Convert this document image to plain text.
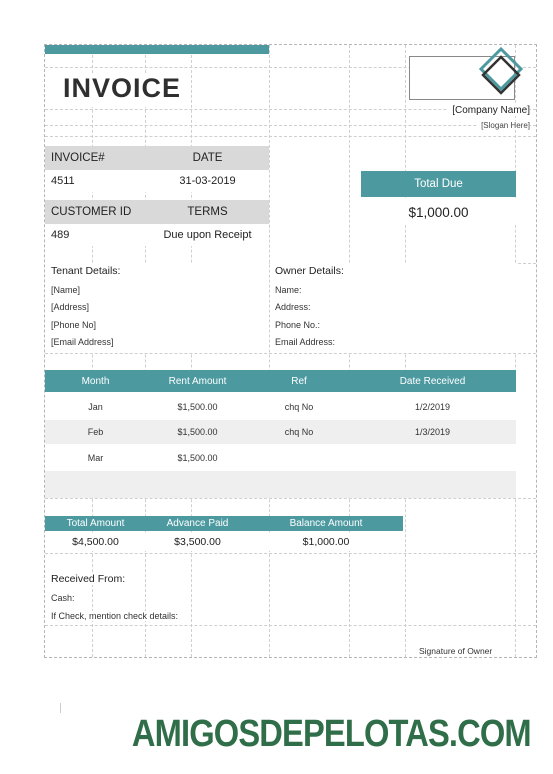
INVOICE
[Company Name]
[Slogan Here]
INVOICE#	DATE
4511	31-03-2019
CUSTOMER ID	TERMS
489	Due upon Receipt
Total Due
$1,000.00
Tenant Details:
[Name]
[Address]
[Phone No]
[Email Address]
Owner Details:
Name:
Address:
Phone No.:
Email Address:
Month	Rent Amount	Ref	Date Received
Jan	$1,500.00	chq No	1/2/2019
Feb	$1,500.00	chq No	1/3/2019
Mar	$1,500.00
Total Amount	Advance Paid	Balance Amount
$4,500.00	$3,500.00	$1,000.00
Received From:
Cash:
If Check, mention check details:
Signature of Owner
AMIGOSDEPELOTAS.COM
